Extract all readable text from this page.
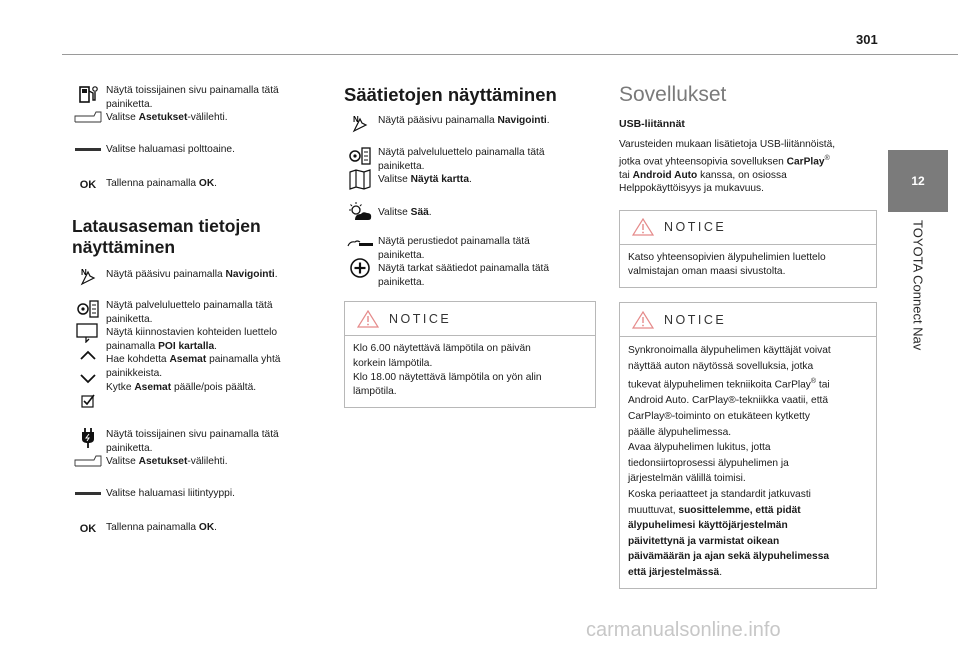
301
12
TOYOTA Connect Nav

Näytä toissijainen sivu painamalla tätä

painiketta.

Valitse Asetukset-välilehti.

Valitse haluamasi polttoaine.

OK Tallenna painamalla OK.

Latausaseman tietojen näyttäminen
N Näytä pääsivu painamalla Navigointi.

Näytä palveluluettelo painamalla tätä

painiketta.

Näytä kiinnostavien kohteiden luettelo

painamalla POI kartalla.

Hae kohdetta Asemat painamalla yhtä

painikkeista.

Kytke Asemat päälle/pois päältä.

Näytä toissijainen sivu painamalla tätä

painiketta.

Valitse Asetukset-välilehti.

Valitse haluamasi liitintyyppi.

OK Tallenna painamalla OK.

Säätietojen näyttäminen
N Näytä pääsivu painamalla Navigointi.

Näytä palveluluettelo painamalla tätä

painiketta.

Valitse Näytä kartta.

Valitse Sää.

Näytä perustiedot painamalla tätä

painiketta.

Näytä tarkat säätiedot painamalla tätä

painiketta.

NOTICE

Klo 6.00 näytettävä lämpötila on päivän

korkein lämpötila.

Klo 18.00 näytettävä lämpötila on yön alin

lämpötila.

Sovellukset
USB-liitännät

Varusteiden mukaan lisätietoja USB-liitännöistä,

jotka ovat yhteensopivia sovelluksen CarPlay®

tai Android Auto kanssa, on osiossa

Helppokäyttöisyys ja mukavuus.

NOTICE

Katso yhteensopivien älypuhelimien luettelo

valmistajan oman maasi sivustolta.

NOTICE

Synkronoimalla älypuhelimen käyttäjät voivat

näyttää auton näytössä sovelluksia, jotka

tukevat älypuhelimen tekniikoita CarPlay® tai

Android Auto. CarPlay®-tekniikka vaatii, että

CarPlay®-toiminto on etukäteen kytketty

päälle älypuhelimessa.

Avaa älypuhelimen lukitus, jotta

tiedonsiirtoprosessi älypuhelimen ja

järjestelmän välillä toimisi.

Koska periaatteet ja standardit jatkuvasti

muuttuvat, suosittelemme, että pidät

älypuhelimesi käyttöjärjestelmän

päivitettynä ja varmistat oikean

päivämäärän ja ajan sekä älypuhelimessa

että järjestelmässä.

carmanualsonline.info
